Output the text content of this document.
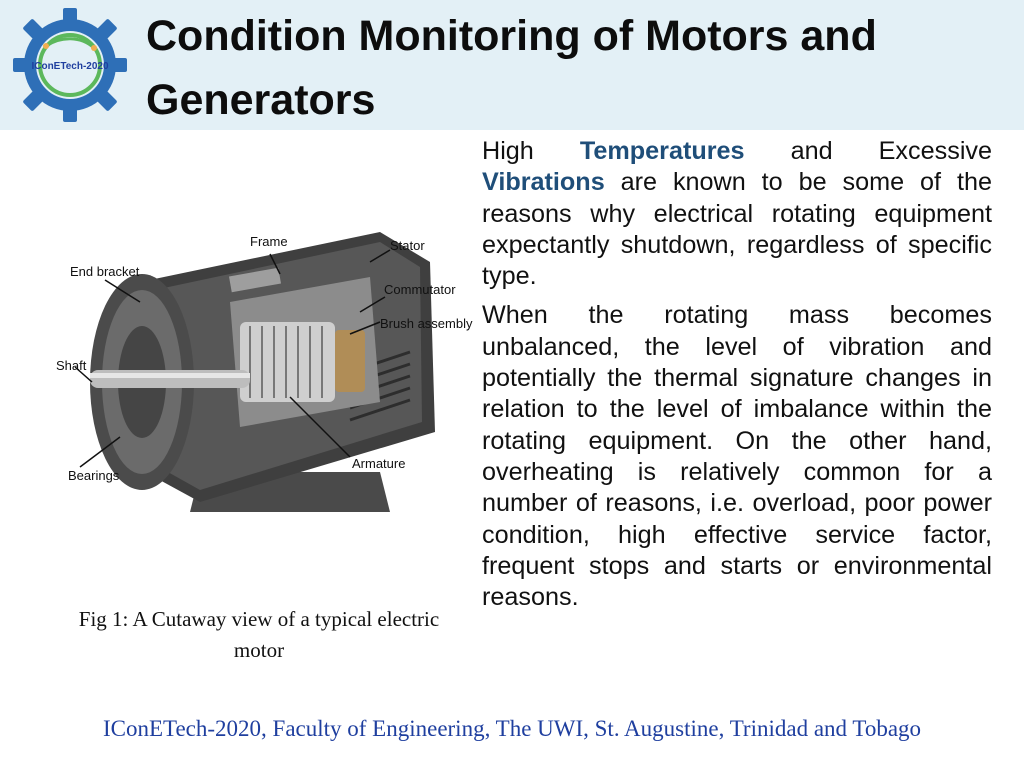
IConETech-2020
Condition Monitoring of Motors and Generators
Frame
End bracket
Stator
Commutator
Brush assembly
Shaft
Bearings
Armature
Fig 1: A Cutaway view of a typical electric motor

High Temperatures and Excessive Vibrations are known to be some of the reasons why electrical rotating equipment expectantly shutdown, regardless of specific type.

When the rotating mass becomes unbalanced, the level of vibration and potentially the thermal signature changes in relation to the level of imbalance within the rotating equipment. On the other hand, overheating is relatively common for a number of reasons, i.e. overload, poor power condition, high effective service factor, frequent stops and starts or environmental reasons.

IConETech-2020, Faculty of Engineering, The UWI, St. Augustine, Trinidad and Tobago
